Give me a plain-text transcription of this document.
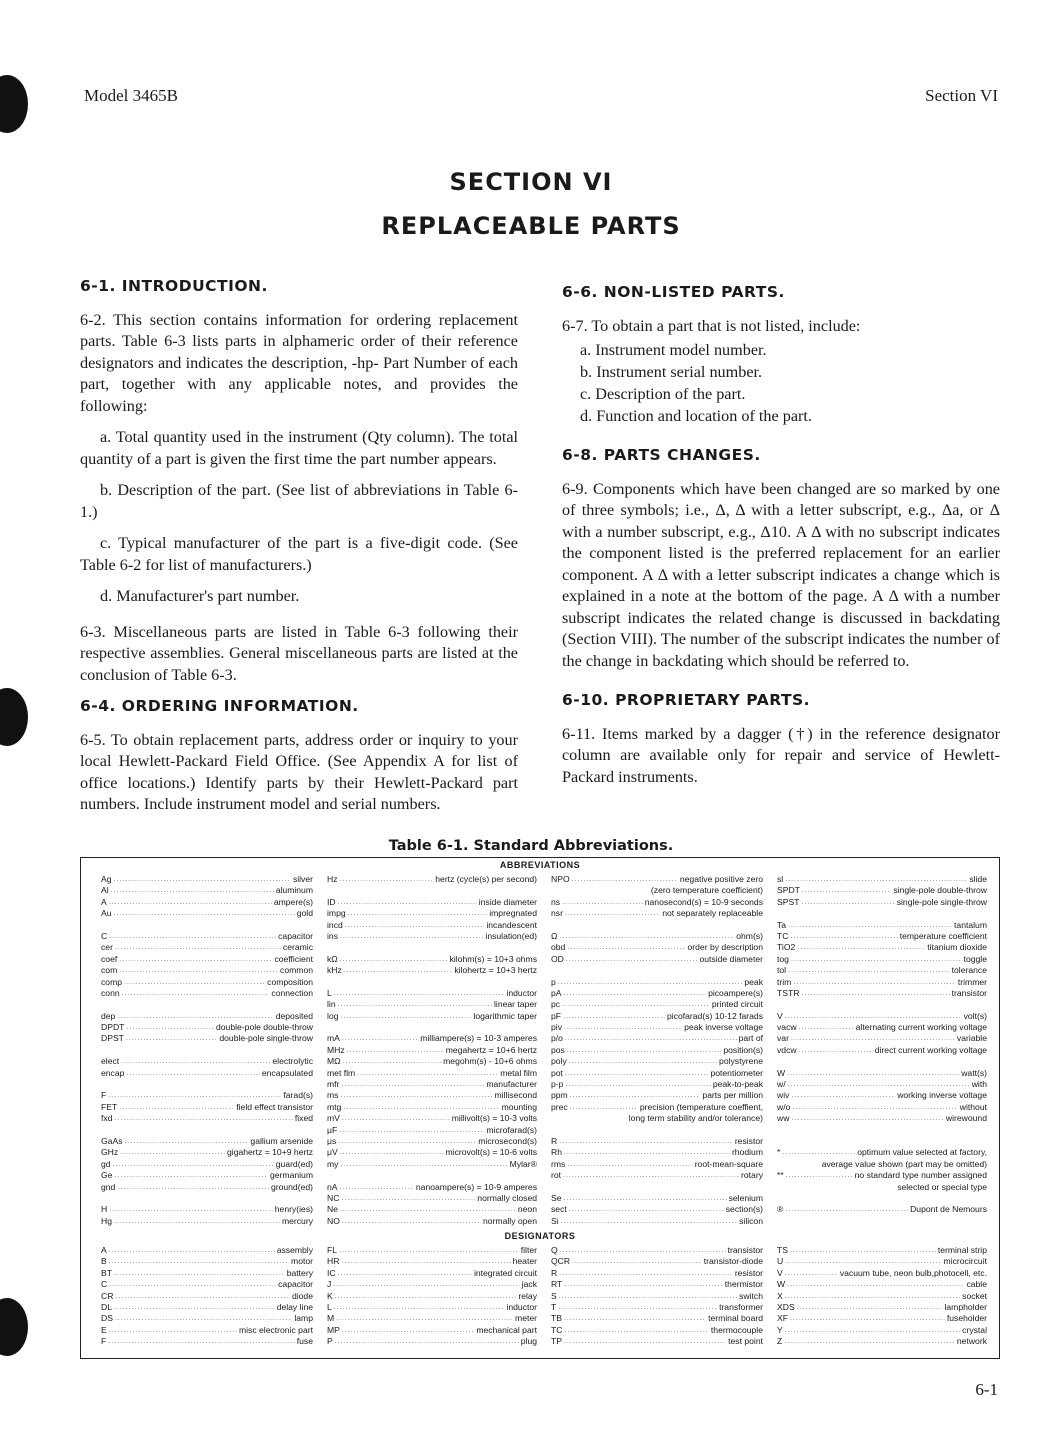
Model 3465B	Section VI
SECTION VI
REPLACEABLE PARTS
6-1. INTRODUCTION.

6-2. This section contains information for ordering replacement parts. Table 6-3 lists parts in alphameric order of their reference designators and indicates the description, -hp- Part Number of each part, together with any applicable notes, and provides the following:

a. Total quantity used in the instrument (Qty column). The total quantity of a part is given the first time the part number appears.

b. Description of the part. (See list of abbreviations in Table 6-1.)

c. Typical manufacturer of the part is a five-digit code. (See Table 6-2 for list of manufacturers.)

d. Manufacturer's part number.

6-3. Miscellaneous parts are listed in Table 6-3 following their respective assemblies. General miscellaneous parts are listed at the conclusion of Table 6-3.

6-4. ORDERING INFORMATION.

6-5. To obtain replacement parts, address order or inquiry to your local Hewlett-Packard Field Office. (See Appendix A for list of office locations.) Identify parts by their Hewlett-Packard part numbers. Include instrument model and serial numbers.

6-6. NON-LISTED PARTS.

6-7. To obtain a part that is not listed, include:

a. Instrument model number.
b. Instrument serial number.
c. Description of the part.
d. Function and location of the part.
6-8. PARTS CHANGES.

6-9. Components which have been changed are so marked by one of three symbols; i.e., Δ, Δ with a letter subscript, e.g., Δa, or Δ with a number subscript, e.g., Δ10. A Δ with no subscript indicates the component listed is the preferred replacement for an earlier component. A Δ with a letter subscript indicates a change which is explained in a note at the bottom of the page. A Δ with a number subscript indicates the related change is discussed in backdating (Section VIII). The number of the subscript indicates the number of the change in backdating which should be referred to.

6-10. PROPRIETARY PARTS.

6-11. Items marked by a dagger (†) in the reference designator column are available only for repair and service of Hewlett-Packard instruments.

Table 6-1. Standard Abbreviations.
ABBREVIATIONS
Ag .....	silver
Al .....	aluminum
A .....	ampere(s)
Au .....	gold
C .....	capacitor
cer .....	ceramic
coef .....	coefficient
com .....	common
comp .....	composition
conn .....	connection
dep .....	deposited
DPDT .....	double-pole double-throw
DPST .....	double-pole single-throw
elect .....	electrolytic
encap .....	encapsulated
F .....	farad(s)
FET .....	field effect transistor
fxd .....	fixed
GaAs .....	gallium arsenide
GHz .....	gigahertz = 10+9 hertz
gd .....	guard(ed)
Ge .....	germanium
gnd .....	ground(ed)
H .....	henry(ies)
Hg .....	mercury
Hz .....	hertz (cycle(s) per second)
ID .....	inside diameter
impg .....	impregnated
incd .....	incandescent
ins .....	insulation(ed)
kΩ .....	kilohm(s) = 10+3 ohms
kHz .....	kilohertz = 10+3 hertz
L .....	inductor
lin .....	linear taper
log .....	logarithmic taper
mA .....	milliampere(s) = 10-3 amperes
MHz .....	megahertz = 10+6 hertz
MΩ .....	megohm(s) - 10+6 ohms
met flm .....	metal film
mfr .....	manufacturer
ms .....	millisecond
mtg .....	mounting
mV .....	millivolt(s) = 10-3 volts
μF .....	microfarad(s)
μs .....	microsecond(s)
μV .....	microvolt(s) = 10-6 volts
my .....	Mylar®
nA .....	nanoampere(s) = 10-9 amperes
NC .....	normally closed
Ne .....	neon
NO .....	normally open
NPO .....	negative positive zero
(zero temperature coefficient)
ns .....	nanosecond(s) = 10-9 seconds
nsr .....	not separately replaceable
Ω .....	ohm(s)
obd .....	order by description
OD .....	outside diameter
p .....	peak
pA .....	picoampere(s)
pc .....	printed circuit
pF .....	picofarad(s) 10-12 farads
piv .....	peak inverse voltage
p/o .....	part of
pos .....	position(s)
poly .....	polystyrene
pot .....	potentiometer
p-p .....	peak-to-peak
ppm .....	parts per million
prec .....	precision (temperature coeffient,
long term stability and/or tolerance)
R .....	resistor
Rh .....	rhodium
rms .....	root-mean-square
rot .....	rotary
Se .....	selenium
sect .....	section(s)
Si .....	silicon
sl .....	slide
SPDT .....	single-pole double-throw
SPST .....	single-pole single-throw
Ta .....	tantalum
TC .....	temperature coefficient
TiO2 .....	titanium dioxide
tog .....	toggle
tol .....	tolerance
trim .....	trimmer
TSTR .....	transistor
V .....	volt(s)
vacw .....	alternating current working voltage
var .....	variable
vdcw .....	direct current working voltage
W .....	watt(s)
w/ .....	with
wiv .....	working inverse voltage
w/o .....	without
ww .....	wirewound
* .....	optimum value selected at factory,
average value shown (part may be omitted)
** .....	no standard type number assigned
selected or special type
® .....	Dupont de Nemours
DESIGNATORS
A .....	assembly
B .....	motor
BT .....	battery
C .....	capacitor
CR .....	diode
DL .....	delay line
DS .....	lamp
E .....	misc electronic part
F .....	fuse
FL .....	filter
HR .....	heater
IC .....	integrated circuit
J .....	jack
K .....	relay
L .....	inductor
M .....	meter
MP .....	mechanical part
P .....	plug
Q .....	transistor
QCR .....	transistor-diode
R .....	resistor
RT .....	thermistor
S .....	switch
T .....	transformer
TB .....	terminal board
TC .....	thermocouple
TP .....	test point
TS .....	terminal strip
U .....	microcircuit
V .....	vacuum tube, neon bulb,photocell, etc.
W .....	cable
X .....	socket
XDS .....	lampholder
XF .....	fuseholder
Y .....	crystal
Z .....	network
6-1
